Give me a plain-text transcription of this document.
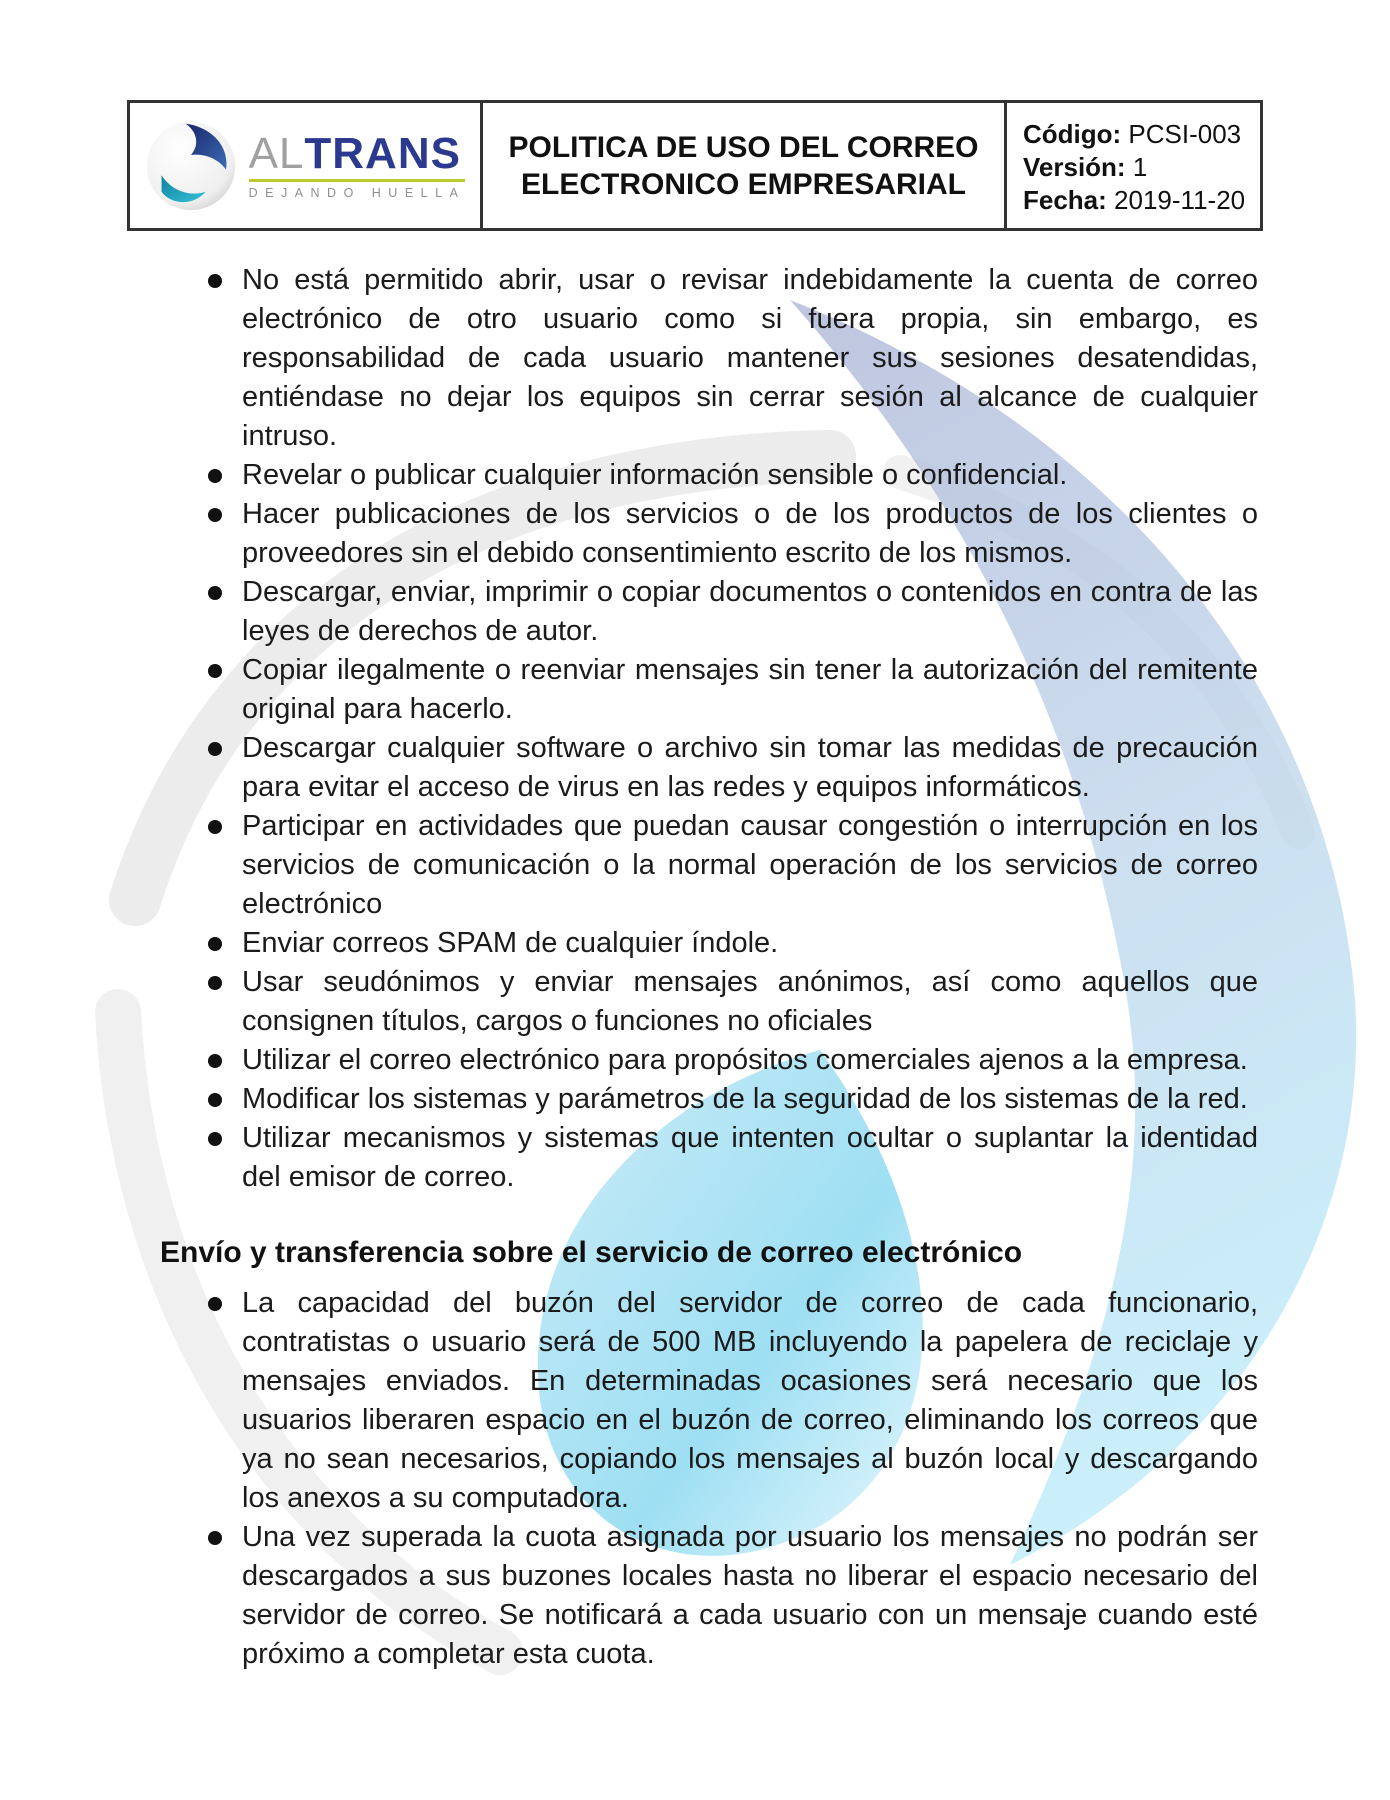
ALTRANS
DEJANDO HUELLA
POLITICA DE USO DEL CORREO
ELECTRONICO EMPRESARIAL
Código: PCSI-003
Versión: 1
Fecha: 2019-11-20
No está permitido abrir, usar o revisar indebidamente la cuenta de correo electrónico de otro usuario como si fuera propia, sin embargo, es responsabilidad de cada usuario mantener sus sesiones desatendidas, entiéndase no dejar los equipos sin cerrar sesión al alcance de cualquier intruso.
Revelar o publicar cualquier información sensible o confidencial.
Hacer publicaciones de los servicios o de los productos de los clientes o proveedores sin el debido consentimiento escrito de los mismos.
Descargar, enviar, imprimir o copiar documentos o contenidos en contra de las leyes de derechos de autor.
Copiar ilegalmente o reenviar mensajes sin tener la autorización del remitente original para hacerlo.
Descargar cualquier software o archivo sin tomar las medidas de precaución para evitar el acceso de virus en las redes y equipos informáticos.
Participar en actividades que puedan causar congestión o interrupción en los servicios de comunicación o la normal operación de los servicios de correo electrónico
Enviar correos SPAM de cualquier índole.
Usar seudónimos y enviar mensajes anónimos, así como aquellos que consignen títulos, cargos o funciones no oficiales
Utilizar el correo electrónico para propósitos comerciales ajenos a la empresa.
Modificar los sistemas y parámetros de la seguridad de los sistemas de la red.
Utilizar mecanismos y sistemas que intenten ocultar o suplantar la identidad del emisor de correo.
Envío y transferencia sobre el servicio de correo electrónico
La capacidad del buzón del servidor de correo de cada funcionario, contratistas o usuario será de 500 MB incluyendo la papelera de reciclaje y mensajes enviados. En determinadas ocasiones será necesario que los usuarios liberaren espacio en el buzón de correo, eliminando los correos que ya no sean necesarios, copiando los mensajes al buzón local y descargando los anexos a su computadora.
Una vez superada la cuota asignada por usuario los mensajes no podrán ser descargados a sus buzones locales hasta no liberar el espacio necesario del servidor de correo. Se notificará a cada usuario con un mensaje cuando esté próximo a completar esta cuota.
